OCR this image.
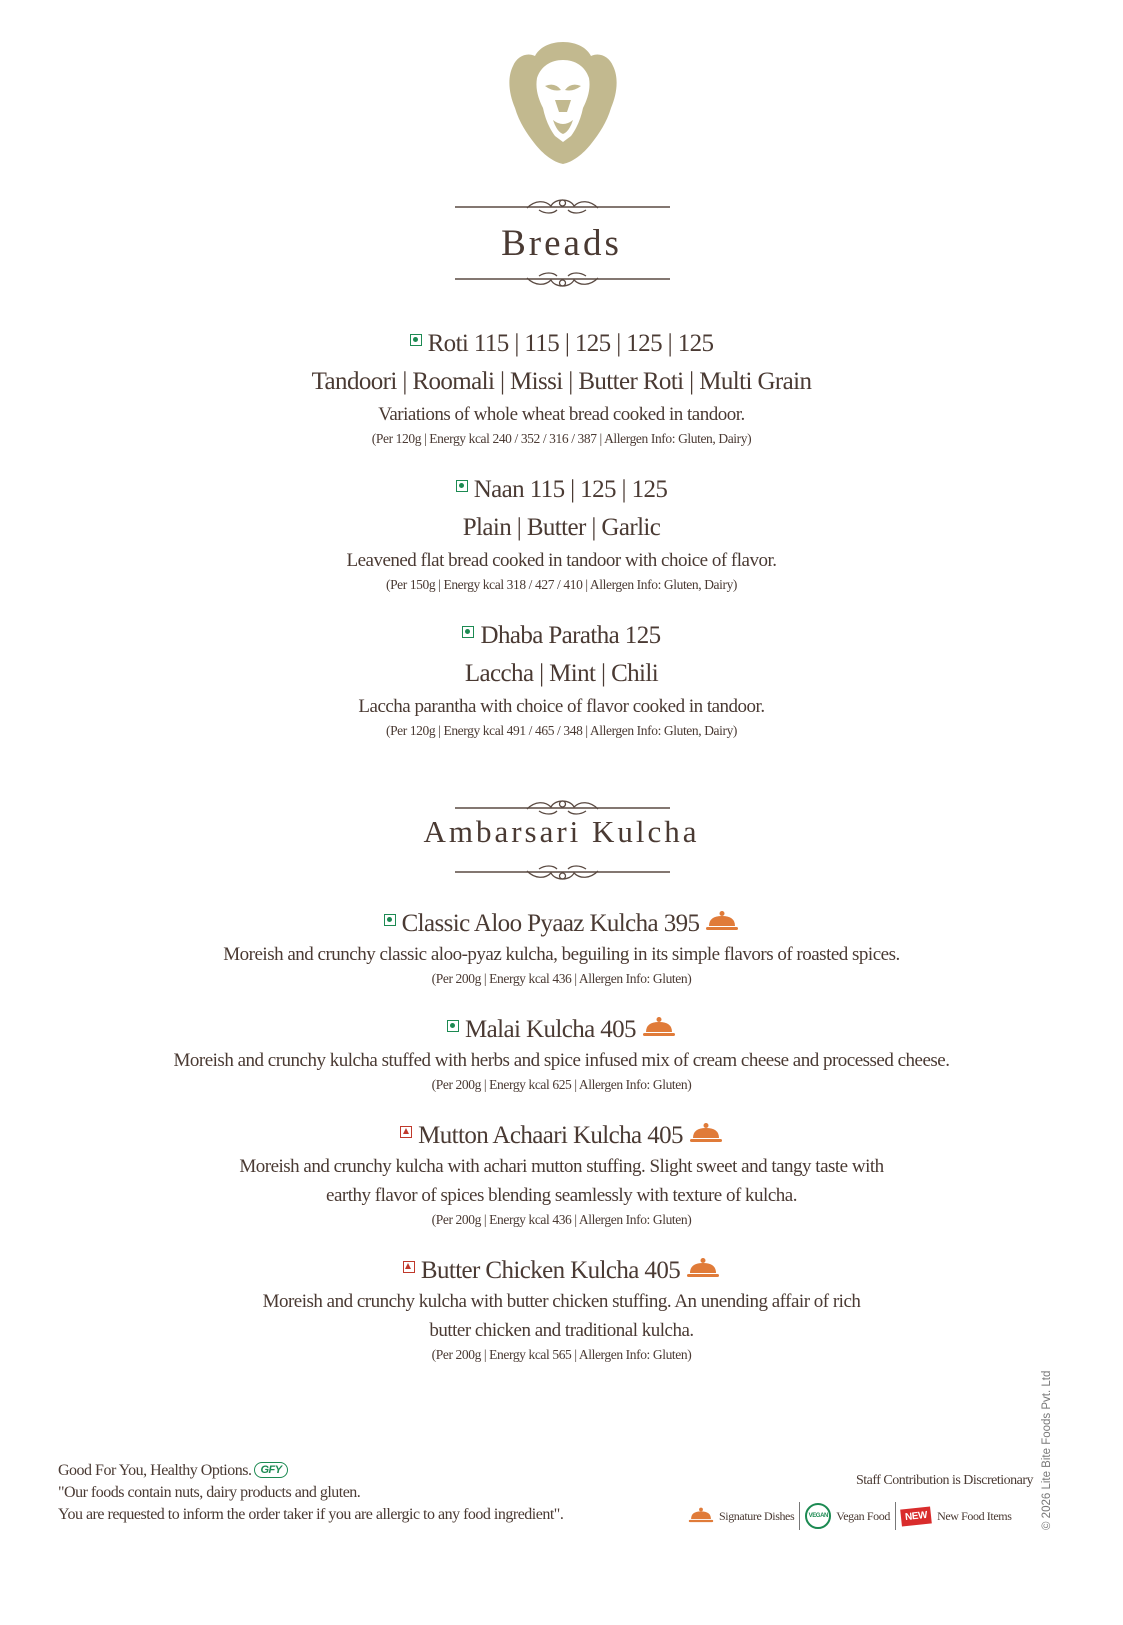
Breads
Roti 115 | 115 | 125 | 125 | 125
Tandoori | Roomali | Missi | Butter Roti | Multi Grain
Variations of whole wheat bread cooked in tandoor.
(Per 120g | Energy kcal 240 / 352 / 316 / 387 | Allergen Info: Gluten, Dairy)
Naan 115 | 125 | 125
Plain | Butter | Garlic
Leavened flat bread cooked in tandoor with choice of flavor.
(Per 150g | Energy kcal 318 / 427 / 410 | Allergen Info: Gluten, Dairy)
Dhaba Paratha 125
Laccha | Mint | Chili
Laccha parantha with choice of flavor cooked in tandoor.
(Per 120g | Energy kcal 491 / 465 / 348 | Allergen Info: Gluten, Dairy)
Ambarsari Kulcha
Classic Aloo Pyaaz Kulcha 395
Moreish and crunchy classic aloo-pyaz kulcha, beguiling in its simple flavors of roasted spices.
(Per 200g | Energy kcal 436 | Allergen Info: Gluten)
Malai Kulcha 405
Moreish and crunchy kulcha stuffed with herbs and spice infused mix of cream cheese and processed cheese.
(Per 200g | Energy kcal 625 | Allergen Info: Gluten)
Mutton Achaari Kulcha 405
Moreish and crunchy kulcha with achari mutton stuffing. Slight sweet and tangy taste with
earthy flavor of spices blending seamlessly with texture of kulcha.
(Per 200g | Energy kcal 436 | Allergen Info: Gluten)
Butter Chicken Kulcha 405
Moreish and crunchy kulcha with butter chicken stuffing. An unending affair of rich
butter chicken and traditional kulcha.
(Per 200g | Energy kcal 565 | Allergen Info: Gluten)
Good For You, Healthy Options. GFY
"Our foods contain nuts, dairy products and gluten.
You are requested to inform the order taker if you are allergic to any food ingredient".
Staff Contribution is Discretionary
Signature Dishes VEGAN Vegan Food	NEW New Food Items	© 2026 Lite Bite Foods Pvt. Ltd
